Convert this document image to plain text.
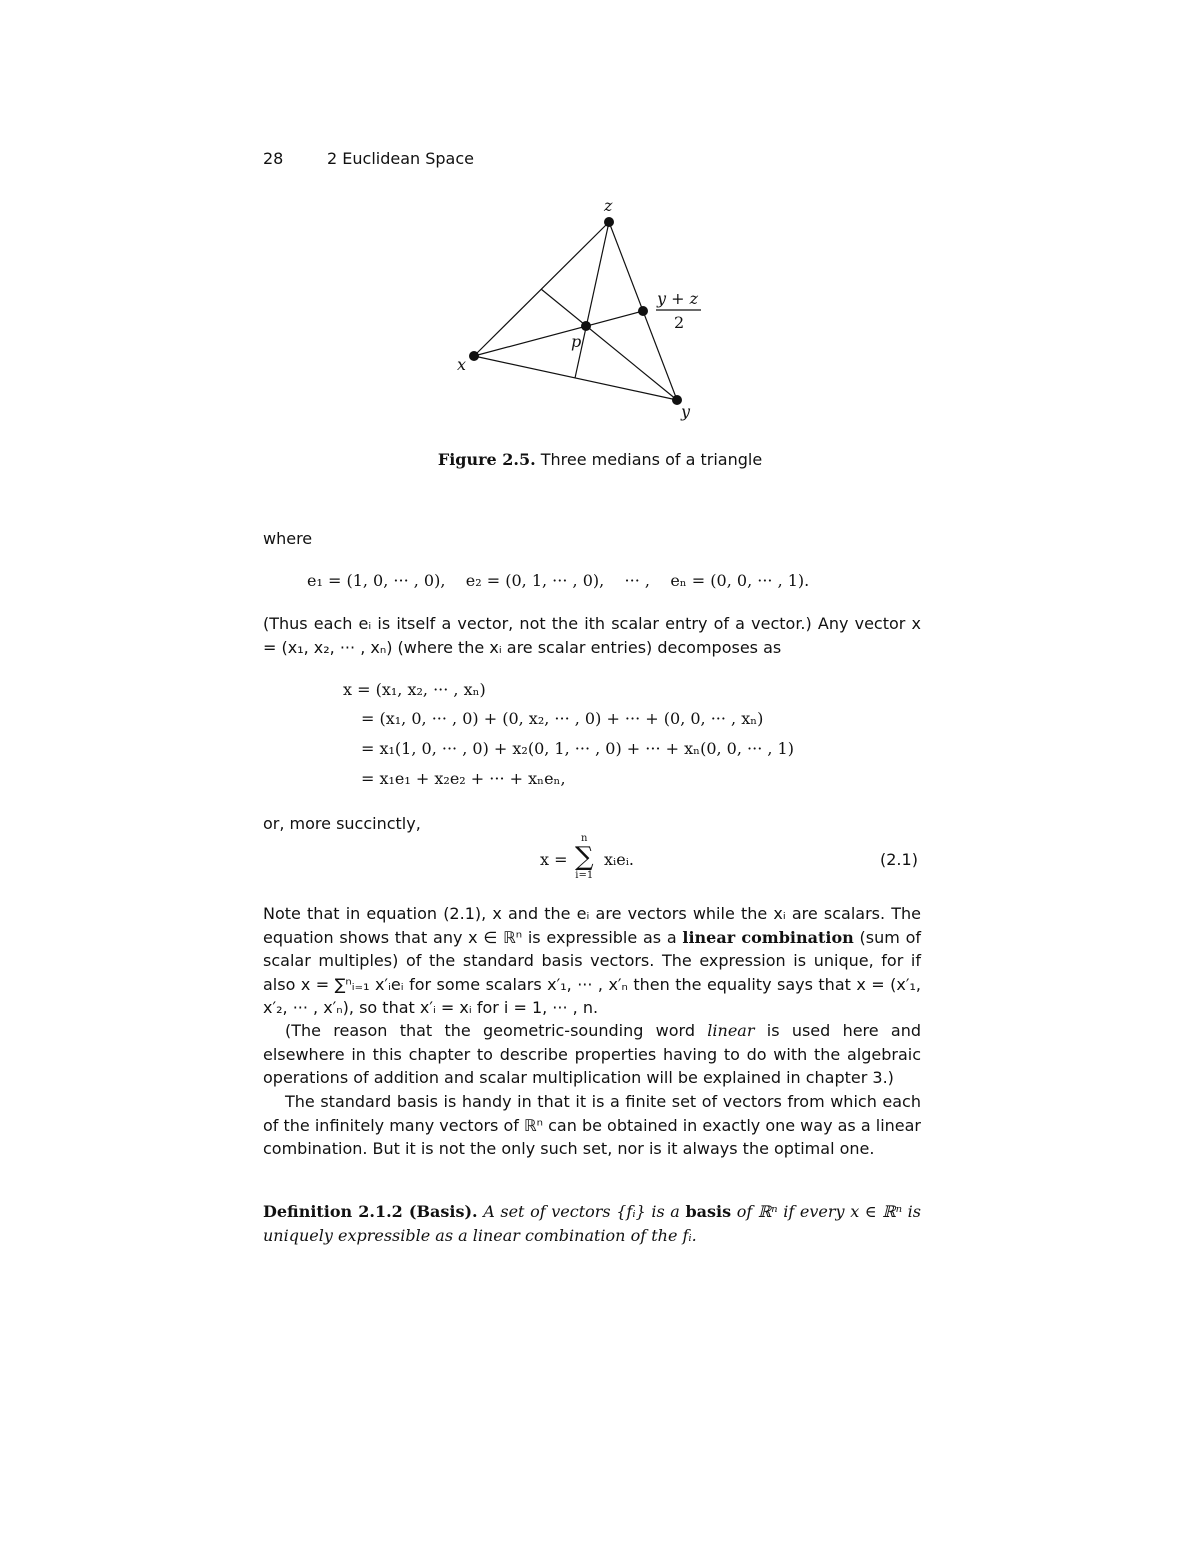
28	2 Euclidean Space
z
x
y
p
y + z
2
Figure 2.5. Three medians of a triangle
where
e₁ = (1, 0, ··· , 0),    e₂ = (0, 1, ··· , 0),    ··· ,    eₙ = (0, 0, ··· , 1).
(Thus each eᵢ is itself a vector, not the ith scalar entry of a vector.) Any vector x = (x₁, x₂, ··· , xₙ) (where the xᵢ are scalar entries) decomposes as
x = (x₁, x₂, ··· , xₙ)
= (x₁, 0, ··· , 0) + (0, x₂, ··· , 0) + ··· + (0, 0, ··· , xₙ)
= x₁(1, 0, ··· , 0) + x₂(0, 1, ··· , 0) + ··· + xₙ(0, 0, ··· , 1)
= x₁e₁ + x₂e₂ + ··· + xₙeₙ,
or, more succinctly,
x =
n
∑
i=1
xᵢeᵢ.	(2.1)
Note that in equation (2.1), x and the eᵢ are vectors while the xᵢ are scalars. The equation shows that any x ∈ ℝⁿ is expressible as a linear combination (sum of scalar multiples) of the standard basis vectors. The expression is unique, for if also x = ∑ⁿᵢ₌₁ x′ᵢeᵢ for some scalars x′₁, ··· , x′ₙ then the equality says that x = (x′₁, x′₂, ··· , x′ₙ), so that x′ᵢ = xᵢ for i = 1, ··· , n.
(The reason that the geometric-sounding word linear is used here and elsewhere in this chapter to describe properties having to do with the algebraic operations of addition and scalar multiplication will be explained in chapter 3.)
The standard basis is handy in that it is a finite set of vectors from which each of the infinitely many vectors of ℝⁿ can be obtained in exactly one way as a linear combination. But it is not the only such set, nor is it always the optimal one.
Definition 2.1.2 (Basis). A set of vectors {fᵢ} is a basis of ℝⁿ if every x ∈ ℝⁿ is uniquely expressible as a linear combination of the fᵢ.
